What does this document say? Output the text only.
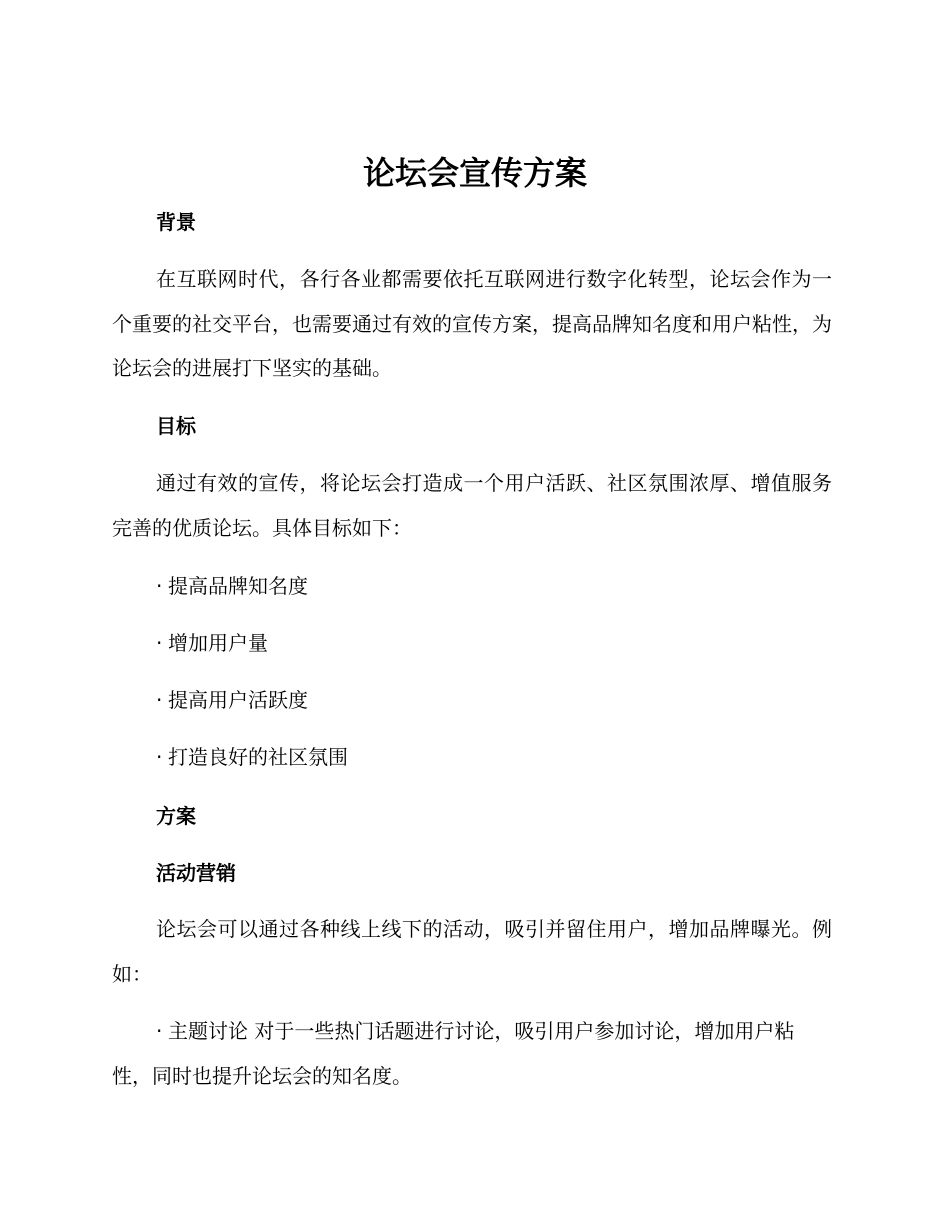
论坛会宣传方案
背景

在互联网时代，各行各业都需要依托互联网进行数字化转型，论坛会作为一个重要的社交平台，也需要通过有效的宣传方案，提高品牌知名度和用户粘性，为论坛会的进展打下坚实的基础。

目标

通过有效的宣传，将论坛会打造成一个用户活跃、社区氛围浓厚、增值服务完善的优质论坛。具体目标如下：

· 提高品牌知名度

· 增加用户量

· 提高用户活跃度

· 打造良好的社区氛围

方案
活动营销

论坛会可以通过各种线上线下的活动，吸引并留住用户，增加品牌曝光。例如：

· 主题讨论 对于一些热门话题进行讨论，吸引用户参加讨论，增加用户粘性，同时也提升论坛会的知名度。
